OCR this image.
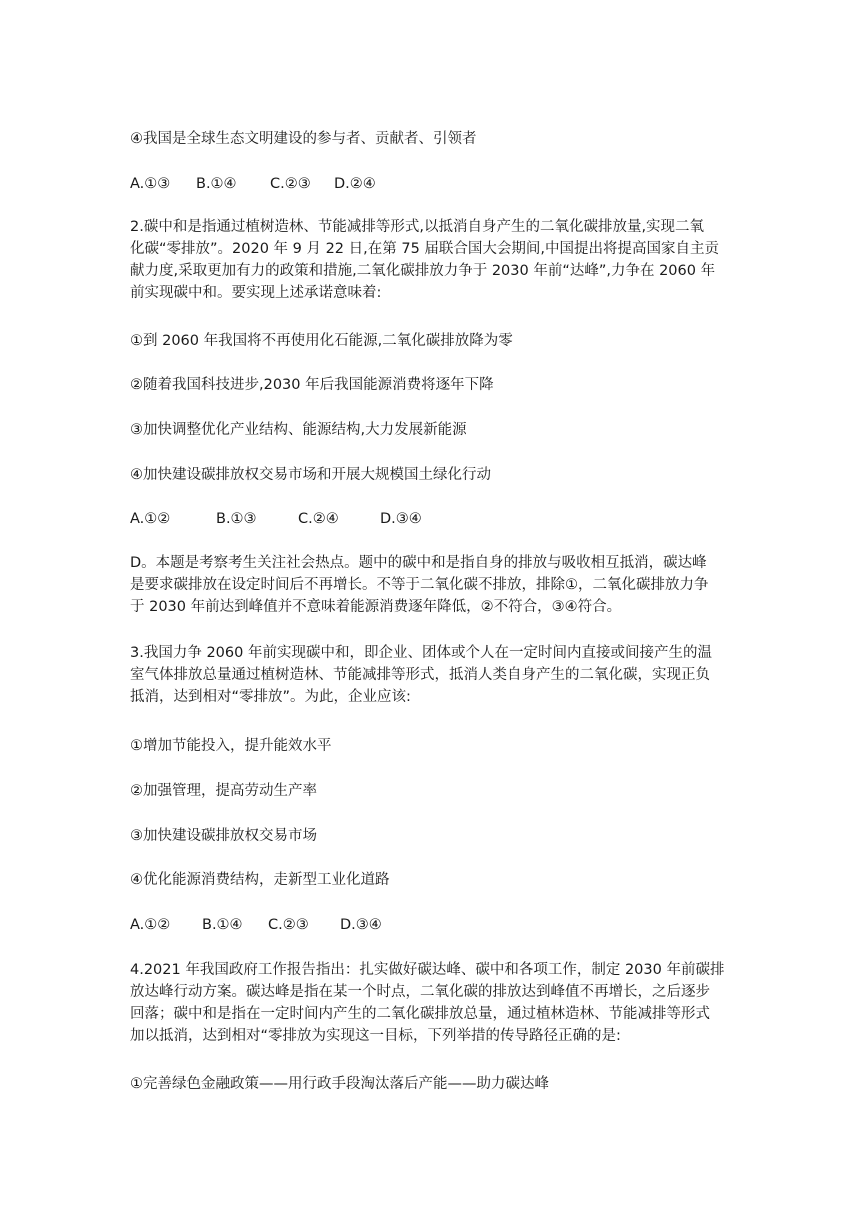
④我国是全球生态文明建设的参与者、贡献者、引领者

A.①③	B.①④	C.②③	D.②④
2.碳中和是指通过植树造林、节能减排等形式,以抵消自身产生的二氧化碳排放量,实现二氧
化碳“零排放”。2020 年 9 月 22 日,在第 75 届联合国大会期间,中国提出将提高国家自主贡
献力度,采取更加有力的政策和措施,二氧化碳排放力争于 2030 年前“达峰”,力争在 2060 年
前实现碳中和。要实现上述承诺意味着:

①到 2060 年我国将不再使用化石能源,二氧化碳排放降为零

②随着我国科技进步,2030 年后我国能源消费将逐年下降

③加快调整优化产业结构、能源结构,大力发展新能源

④加快建设碳排放权交易市场和开展大规模国土绿化行动

A.①②	B.①③	C.②④	D.③④
D。本题是考察考生关注社会热点。题中的碳中和是指自身的排放与吸收相互抵消，碳达峰
是要求碳排放在设定时间后不再增长。不等于二氧化碳不排放，排除①，二氧化碳排放力争
于 2030 年前达到峰值并不意味着能源消费逐年降低，②不符合，③④符合。
3.我国力争 2060 年前实现碳中和，即企业、团体或个人在一定时间内直接或间接产生的温
室气体排放总量通过植树造林、节能减排等形式，抵消人类自身产生的二氧化碳，实现正负
抵消，达到相对“零排放”。为此，企业应该:

①增加节能投入，提升能效水平

②加强管理，提高劳动生产率

③加快建设碳排放权交易市场

④优化能源消费结构，走新型工业化道路

A.①②	B.①④	C.②③	D.③④
4.2021 年我国政府工作报告指出：扎实做好碳达峰、碳中和各项工作，制定 2030 年前碳排
放达峰行动方案。碳达峰是指在某一个时点，二氧化碳的排放达到峰值不再增长，之后逐步
回落；碳中和是指在一定时间内产生的二氧化碳排放总量，通过植林造林、节能减排等形式
加以抵消，达到相对“零排放为实现这一目标，下列举措的传导路径正确的是:

①完善绿色金融政策——用行政手段淘汰落后产能——助力碳达峰
